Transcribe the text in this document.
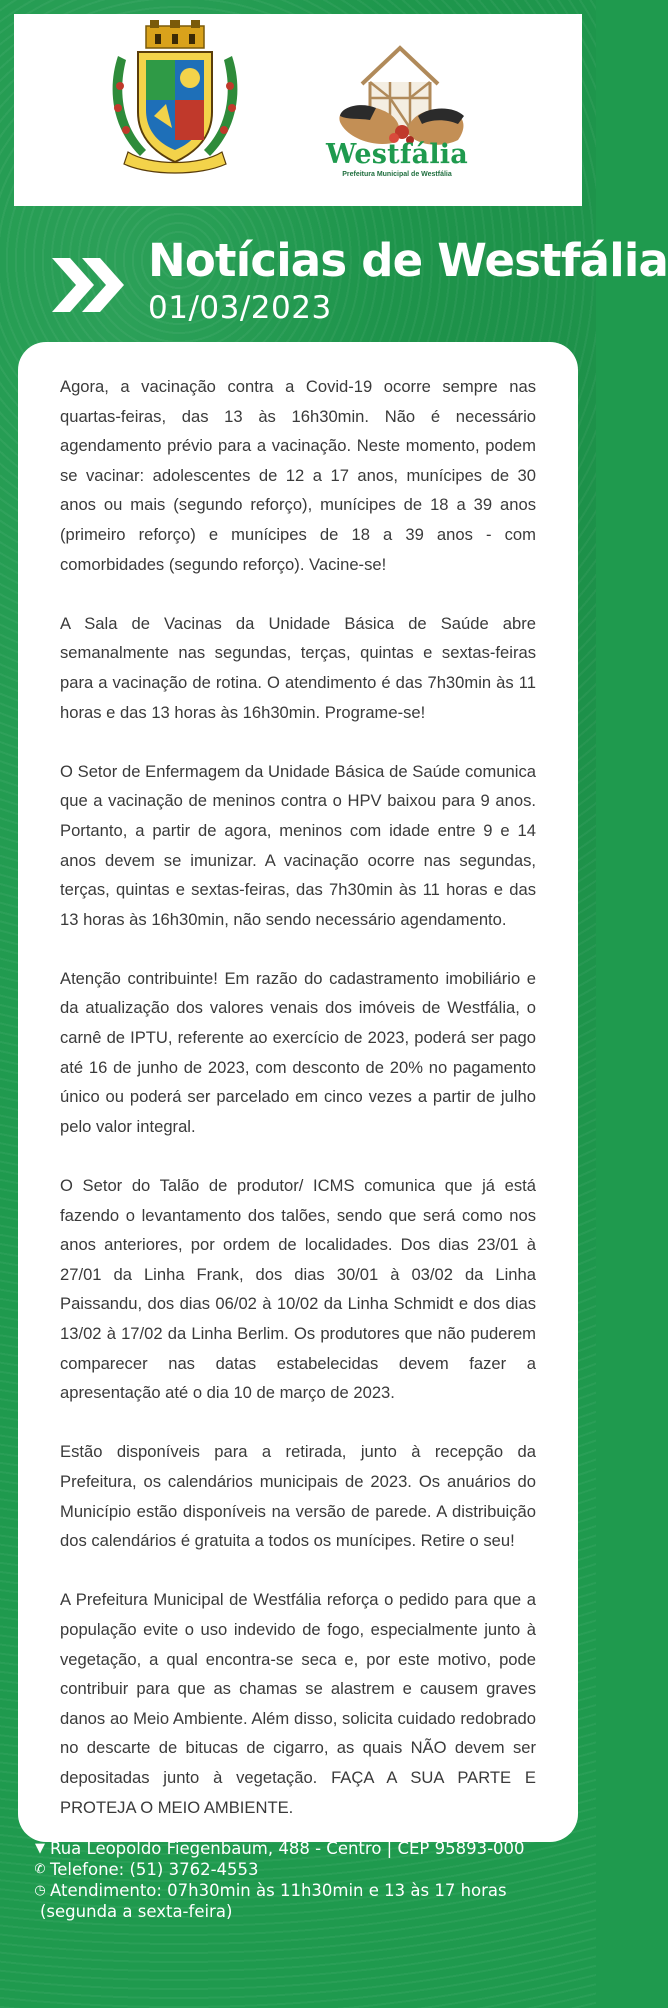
Westfália
Prefeitura Municipal de Westfália
Notícias de Westfália
01/03/2023

Agora, a vacinação contra a Covid-19 ocorre sempre nas quartas-feiras, das 13 às 16h30min. Não é necessário agendamento prévio para a vacinação. Neste momento, podem se vacinar: adolescentes de 12 a 17 anos, munícipes de 30 anos ou mais (segundo reforço), munícipes de 18 a 39 anos (primeiro reforço) e munícipes de 18 a 39 anos - com comorbidades (segundo reforço). Vacine-se!

A Sala de Vacinas da Unidade Básica de Saúde abre semanalmente nas segundas, terças, quintas e sextas-feiras para a vacinação de rotina. O atendimento é das 7h30min às 11 horas e das 13 horas às 16h30min. Programe-se!

O Setor de Enfermagem da Unidade Básica de Saúde comunica que a vacinação de meninos contra o HPV baixou para 9 anos. Portanto, a partir de agora, meninos com idade entre 9 e 14 anos devem se imunizar. A vacinação ocorre nas segundas, terças, quintas e sextas-feiras, das 7h30min às 11 horas e das 13 horas às 16h30min, não sendo necessário agendamento.

Atenção contribuinte! Em razão do cadastramento imobiliário e da atualização dos valores venais dos imóveis de Westfália, o carnê de IPTU, referente ao exercício de 2023, poderá ser pago até 16 de junho de 2023, com desconto de 20% no pagamento único ou poderá ser parcelado em cinco vezes a partir de julho pelo valor integral.

O Setor do Talão de produtor/ ICMS comunica que já está fazendo o levantamento dos talões, sendo que será como nos anos anteriores, por ordem de localidades. Dos dias 23/01 à 27/01 da Linha Frank, dos dias 30/01 à 03/02 da Linha Paissandu, dos dias 06/02 à 10/02 da Linha Schmidt e dos dias 13/02 à 17/02 da Linha Berlim. Os produtores que não puderem comparecer nas datas estabelecidas devem fazer a apresentação até o dia 10 de março de 2023.

Estão disponíveis para a retirada, junto à recepção da Prefeitura, os calendários municipais de 2023. Os anuários do Município estão disponíveis na versão de parede. A distribuição dos calendários é gratuita a todos os munícipes. Retire o seu!

A Prefeitura Municipal de Westfália reforça o pedido para que a população evite o uso indevido de fogo, especialmente junto à vegetação, a qual encontra-se seca e, por este motivo, pode contribuir para que as chamas se alastrem e causem graves danos ao Meio Ambiente. Além disso, solicita cuidado redobrado no descarte de bitucas de cigarro, as quais NÃO devem ser depositadas junto à vegetação. FAÇA A SUA PARTE E PROTEJA O MEIO AMBIENTE.

▼ Rua Leopoldo Fiegenbaum, 488 - Centro | CEP 95893-000
✆ Telefone: (51) 3762-4553
◷ Atendimento: 07h30min às 11h30min e 13 às 17 horas
(segunda a sexta-feira)
